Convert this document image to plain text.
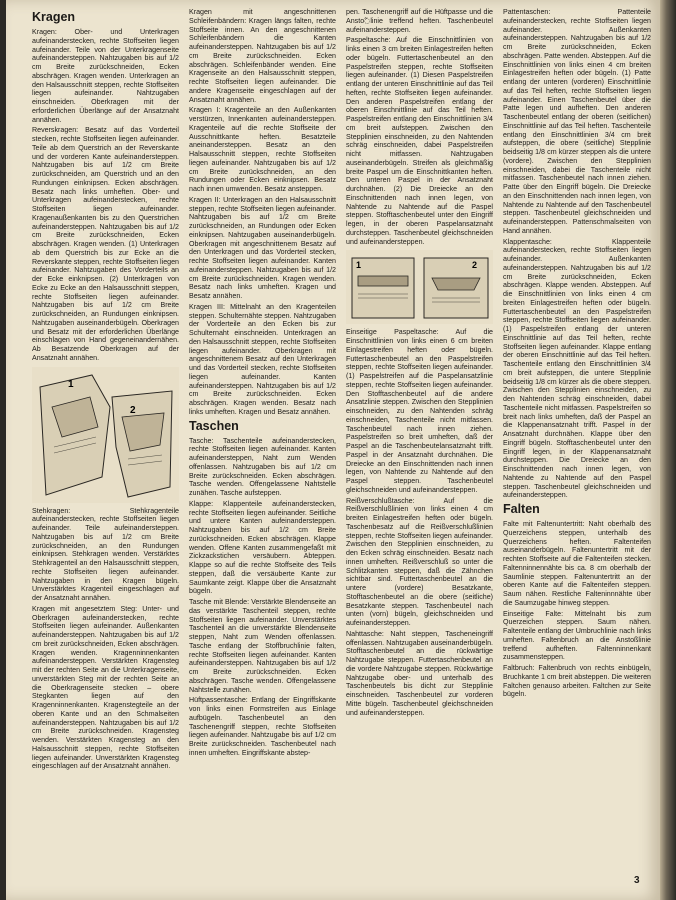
Kragen

Kragen: Ober- und Unterkragen aufeinanderstecken, rechte Stoffseiten liegen aufeinander. Teile von der Unterkragenseite aufeinandersteppen. Nahtzugaben bis auf 1/2 cm Breite zurückschneiden, Ecken abschrägen. Kragen wenden. Unterkragen an den Halsausschnitt steppen, rechte Stoffseiten liegen aufeinander. Nahtzugaben einschneiden. Oberkragen mit der erforderlichen Überlänge auf der Ansatznaht annähen.

Reverskragen: Besatz auf das Vorderteil stecken, rechte Stoffseiten liegen aufeinander. Teile ab dem Querstrich an der Reverskante und der vorderen Kante aufeinandersteppen. Nahtzugaben bis auf 1/2 cm Breite zurückschneiden, am Querstrich und an den Rundungen einknipsen. Ecken abschrägen. Besatz nach links umheften. Ober- und Unterkragen aufeinanderstecken, rechte Stoffseiten liegen aufeinander. Kragenaußenkanten bis zu den Querstrichen aufeinandersteppen. Nahtzugaben bis auf 1/2 cm Breite zurückschneiden, Ecken abschrägen. Kragen wenden. (1) Unterkragen ab dem Querstrich bis zur Ecke an die Reverskante steppen, rechte Stoffseiten liegen aufeinander. Nahtzugaben des Vorderteils an der Ecke einknipsen. (2) Unterkragen von Ecke zu Ecke an den Halsausschnitt steppen, rechte Stoffseiten liegen aufeinander. Nahtzugaben bis auf 1/2 cm Breite zurückschneiden, an Rundungen einknipsen. Nahtzugaben auseinanderbügeln. Oberkragen und Besatz mit der erforderlichen Überlänge einschlagen von Hand gegeneinandernähen. Ab Besatzende Oberkragen auf der Ansatznaht annähen.

1
2

Stehkragen: Stehkragenteile aufeinanderstecken, rechte Stoffseiten liegen aufeinander. Teile aufeinandersteppen. Nahtzugaben bis auf 1/2 cm Breite zurückschneiden, an den Rundungen einknipsen. Stehkragen wenden. Verstärktes Stehkragenteil an den Halsausschnitt steppen, rechte Stoffseiten liegen aufeinander. Nahtzugaben in den Kragen bügeln. Unverstärktes Kragenteil eingeschlagen auf der Ansatznaht annähen.

Kragen mit angesetztem Steg: Unter- und Oberkragen aufeinanderstecken, rechte Stoffseiten liegen aufeinander. Außenkanten aufeinandersteppen. Nahtzugaben bis auf 1/2 cm breit zurückschneiden, Ecken abschrägen. Kragen wenden. Kragenninnenkanten aufeinandersteppen. Verstärkten Kragensteg mit der rechten Seite an die Unterkragenseite, unverstärkten Steg mit der rechten Seite an die Oberkragenseite stecken – obere Stegkanten liegen auf den Kragenninnenkanten. Kragenstegteile an der oberen Kante und an den Schmalseiten aufeinandersteppen. Nahtzugaben bis auf 1/2 cm Breite zurückschneiden. Kragensteg wenden. Verstärkten Kragensteg an den Halsausschnitt steppen, rechte Stoffseiten liegen aufeinander. Unverstärkten Kragensteg eingeschlagen auf der Ansatznaht annähen.

Kragen mit angeschnittenen Schleifenbändern: Kragen längs falten, rechte Stoffseite innen. An den angeschnittenen Schleifenbändern die Kanten aufeinandersteppen. Nahtzugaben bis auf 1/2 cm Breite zurückschneiden. Ecken abschrägen. Schleifenbänder wenden. Eine Kragenseite an den Halsausschnitt steppen, rechte Stoffseiten liegen aufeinander. Die andere Kragenseite eingeschlagen auf der Ansatznaht annähen.

Kragen I: Kragenteile an den Außenkanten verstürzen, Innenkanten aufeinandersteppen. Kragenteile auf die rechte Stoffseite der Ausschnittkante heften. Besatzteile aneinandersteppen. Besatz an den Halsausschnitt steppen, rechte Stoffseiten liegen aufeinander. Nahtzugaben bis auf 1/2 cm Breite zurückschneiden, an den Rundungen oder Ecken einknipsen. Besatz nach innen umwenden. Besatz ansteppen.

Kragen II: Unterkragen an den Halsausschnitt steppen, rechte Stoffseiten liegen aufeinander. Nahtzugaben bis auf 1/2 cm Breite zurückschneiden, an Rundungen oder Ecken einknipsen. Nahtzugaben auseinanderbügeln. Oberkragen mit angeschnittenem Besatz auf den Unterkragen und das Vorderteil stecken, rechte Stoffseiten liegen aufeinander. Kanten aufeinandersteppen. Nahtzugaben bis auf 1/2 cm Breite zurückschneiden. Kragen wenden. Besatz nach links umheften. Kragen und Besatz annähen.

Kragen III: Mittelnaht an den Kragenteilen steppen. Schulternähte steppen. Nahtzugaben der Vorderteile an den Ecken bis zur Schulternaht einschneiden. Unterkragen an den Halsausschnitt steppen, rechte Stoffseiten liegen aufeinander. Oberkragen mit angeschnittenem Besatz auf den Unterkragen und das Vorderteil stecken, rechte Stoffseiten liegen aufeinander. Kanten aufeinandersteppen. Nahtzugaben bis auf 1/2 cm Breite zurückschneiden. Ecken abschrägen. Kragen wenden. Besatz nach links umheften. Kragen und Besatz annähen.

Taschen

Tasche: Taschenteile aufeinanderstecken, rechte Stoffseiten liegen aufeinander. Kanten aufeinandersteppen, Naht zum Wenden offenlassen. Nahtzugaben bis auf 1/2 cm Breite zurückschneiden. Ecken abschrägen. Tasche wenden. Offengelassene Nahtstelle zunähen. Tasche aufsteppen.

Klappe: Klappenteile aufeinanderstecken, rechte Stoffseiten liegen aufeinander. Seitliche und untere Kanten aufeinandersteppen. Nahtzugaben bis auf 1/2 cm Breite zurückschneiden. Ecken abschrägen. Klappe wenden. Offene Kanten zusammengefaßt mit Zickzackstichen versäubern. Abteppen. Klappe so auf die rechte Stoffseite des Teils steppen, daß die versäuberte Kante zur Saumkante zeigt. Klappe über die Ansatznaht bügeln.

Tasche mit Blende: Verstärkte Blendenseite an das verstärkte Taschenteil steppen, rechte Stoffseiten liegen aufeinander. Unverstärktes Taschenteil an die unverstärkte Blendenseite steppen, Naht zum Wenden offenlassen. Tasche entlang der Stoffbruchlinie falten, rechte Stoffseiten liegen aufeinander. Kanten aufeinandersteppen. Nahtzugaben bis auf 1/2 cm Breite zurückschneiden. Ecken abschrägen. Tasche wenden. Offengelassene Nahtstelle zunähen.

Hüftpassentasche: Entlang der Eingriffskante von links einen Formstreifen aus Einlage aufbügeln. Taschenbeutel an den Taschenengriff steppen, rechte Stoffseiten liegen aufeinander. Nahtzugabe bis auf 1/2 cm Breite zurückschneiden. Taschenbeutel nach innen umheften. Eingriffskante abstep-

pen. Taschenengriff auf die Hüftpasse und die Ansto߬linie treffend heften. Taschenbeutel aufeinandersteppen.

Paspeltasche: Auf die Einschnittlinien von links einen 3 cm breiten Einlagestreifen heften oder bügeln. Futtertaschenbeutel an den Paspelstreifen steppen, rechte Stoffseiten liegen aufeinander. (1) Diesen Paspelstreifen entlang der unteren Einschnittlinie auf das Teil heften, rechte Stoffseiten liegen aufeinander. Den anderen Paspelstreifen entlang der oberen Einschnittlinie auf das Teil heften. Paspelstreifen entlang den Einschnittlinien 3/4 cm breit aufsteppen. Zwischen den Stepplinien einschneiden, zu den Nahtenden schräg einschneiden, dabei Paspelstreifen nicht mitfassen. Nahtzugaben auseinanderbügeln. Streifen als gleichmäßig breite Paspel um die Einschnittkanten heften. Den unteren Paspel in der Ansatznaht durchnähen. (2) Die Dreiecke an den Einschnittenden nach innen legen, von Nahtende zu Nahtende auf die Paspel steppen. Stofftaschenbeutel unter den Eingriff legen, in der oberen Paspelansatznaht durchsteppen. Taschenbeutel gleichschneiden und aufeinandersteppen.

1	2

Einseitige Paspeltasche: Auf die Einschnittlinien von links einen 6 cm breiten Einlagestreifen heften oder bügeln. Futtertaschenbeutel an den Paspelstreifen steppen, rechte Stoffseiten liegen aufeinander. (1) Paspelstreifen auf die Paspelansatzlinie steppen, rechte Stoffseiten liegen aufeinander. Den Stofftaschenbeutel auf die andere Ansatzlinie steppen. Zwischen den Stepplinien einschneiden, zu den Nahtenden schräg einschneiden, Taschenteile nicht mitfassen. Taschenbeutel nach innen ziehen. Paspelstreifen so breit umheften, daß der Paspel an die Taschenbeutelansatznaht trifft. Paspel in der Ansatznaht durchnähen. Die Dreiecke an den Einschnittenden nach innen legen, von Nahtende zu Nahtende auf den Paspel steppen. Taschenbeutel gleichschneiden und aufeinandersteppen.

Reißverschlußtasche: Auf die Reißverschlußlinien von links einen 4 cm breiten Einlagestreifen heften oder bügeln. Taschenbesatz auf die Reißverschlußlinien steppen, rechte Stoffseiten liegen aufeinander. Zwischen den Stepplinien einschneiden, zu den Ecken schräg einschneiden. Besatz nach innen umheften. Reißverschluß so unter die Schlitzkanten steppen, daß die Zähnchen sichtbar sind. Futtertaschenbeutel an die untere (vordere) Besatzkante, Stofftaschenbeutel an die obere (seitliche) Besatzkante steppen. Taschenbeutel nach unten (vorn) bügeln, gleichschneiden und aufeinandersteppen.

Nahttasche: Naht steppen, Tascheneingriff offenlassen. Nahtzugaben auseinanderbügeln. Stofftaschenbeutel an die rückwärtige Nahtzugabe steppen. Futtertaschenbeutel an die vordere Nahtzugabe steppen. Rückwärtige Nahtzugabe ober- und unterhalb des Taschenbeutels bis dicht zur Stepplinie einschneiden. Taschenbeutel zur vorderen Mitte bügeln. Taschenbeutel gleichschneiden und aufeinandersteppen.

Pattentaschen: Pattenteile aufeinanderstecken, rechte Stoffseiten liegen aufeinander. Außenkanten aufeinandersteppen. Nahtzugaben bis auf 1/2 cm Breite zurückschneiden, Ecken abschrägen. Patte wenden. Absteppen. Auf die Einschnittlinien von links einen 4 cm breiten Einlagestreifen heften oder bügeln. (1) Patte entlang der unteren (vorderen) Einschnittlinie auf das Teil heften, rechte Stoffseiten liegen aufeinander. Einen Taschenbeutel über die Patte legen und aufheften. Den anderen Taschenbeutel entlang der oberen (seitlichen) Einschnittlinie auf das Teil heften. Taschenteile entlang den Einschnittlinien 3/4 cm breit aufsteppen, die obere (seitliche) Stepplinie beidseitig 1/8 cm kürzer steppen als die untere (vordere). Zwischen den Stepplinien einschneiden, dabei die Taschenteile nicht mitfassen. Taschenbeutel nach innen ziehen. Patte über den Eingriff bügeln. Die Dreiecke an den Einschnittenden nach innen legen, von Nahtende zu Nahtende auf den Taschenbeutel steppen. Taschenbeutel gleichschneiden und aufeinandersteppen. Pattenschmalseiten von Hand annähen.

Klappentasche: Klappenteile aufeinanderstecken, rechte Stoffseiten liegen aufeinander. Außenkanten aufeinandersteppen. Nahtzugaben bis auf 1/2 cm Breite zurückschneiden, Ecken abschrägen. Klappe wenden. Absteppen. Auf die Einschnittlinien von links einen 4 cm breiten Einlagestreifen heften oder bügeln. Futtertaschenbeutel an den Paspelstreifen steppen, rechte Stoffseiten liegen aufeinander. (1) Paspelstreifen entlang der unteren Einschnittlinie auf das Teil heften, rechte Stoffseiten liegen aufeinander. Klappe entlang der oberen Einschnittlinie auf das Teil heften. Taschenteile entlang den Einschnittlinien 3/4 cm breit aufsteppen, die untere Stepplinie beidseitig 1/8 cm kürzer als die obere steppen. Zwischen den Stepplinien einschneiden, zu den Nahtenden schräg einschneiden, dabei Taschenteile nicht mitfassen. Paspelstreifen so breit nach links umheften, daß der Paspel an die Klappenansatznaht trifft. Paspel in der Ansatznaht durchnähen. Klappe über den Eingriff bügeln. Stofftaschenbeutel unter den Eingriff legen, in der Klappenansatznaht durchsteppen. Die Dreiecke an den Einschnittenden nach innen legen, von Nahtende zu Nahtende auf den Paspel steppen. Taschenbeutel gleichschneiden und aufeinandersteppen.

Falten

Falte mit Faltenuntertritt: Naht oberhalb des Querzeichens steppen, unterhalb des Querzeichens heften. Faltenteifen auseinanderbügeln. Faltenuntertritt mit der rechten Stoffseite auf die Faltenteifen stecken. Faltenninnennähte bis ca. 8 cm oberhalb der Saumlinie steppen. Faltenuntertritt an der oberen Kante auf die Faltenteifen steppen. Saum nähen. Restliche Falteninnnähte über die Saumzugabe hinweg steppen.

Einseitige Falte: Mittelnaht bis zum Querzeichen steppen. Saum nähen. Faltenteile entlang der Umbruchlinie nach links umheften. Faltenbruch an die Anstoßlinie treffend aufheften. Faltenninnenkant zusammensteppen.

Faltbruch: Faltenbruch von rechts einbügeln, Bruchkante 1 cm breit absteppen. Die weiteren Faltchen genauso arbeiten. Faltchen zur Seite bügeln.

3
